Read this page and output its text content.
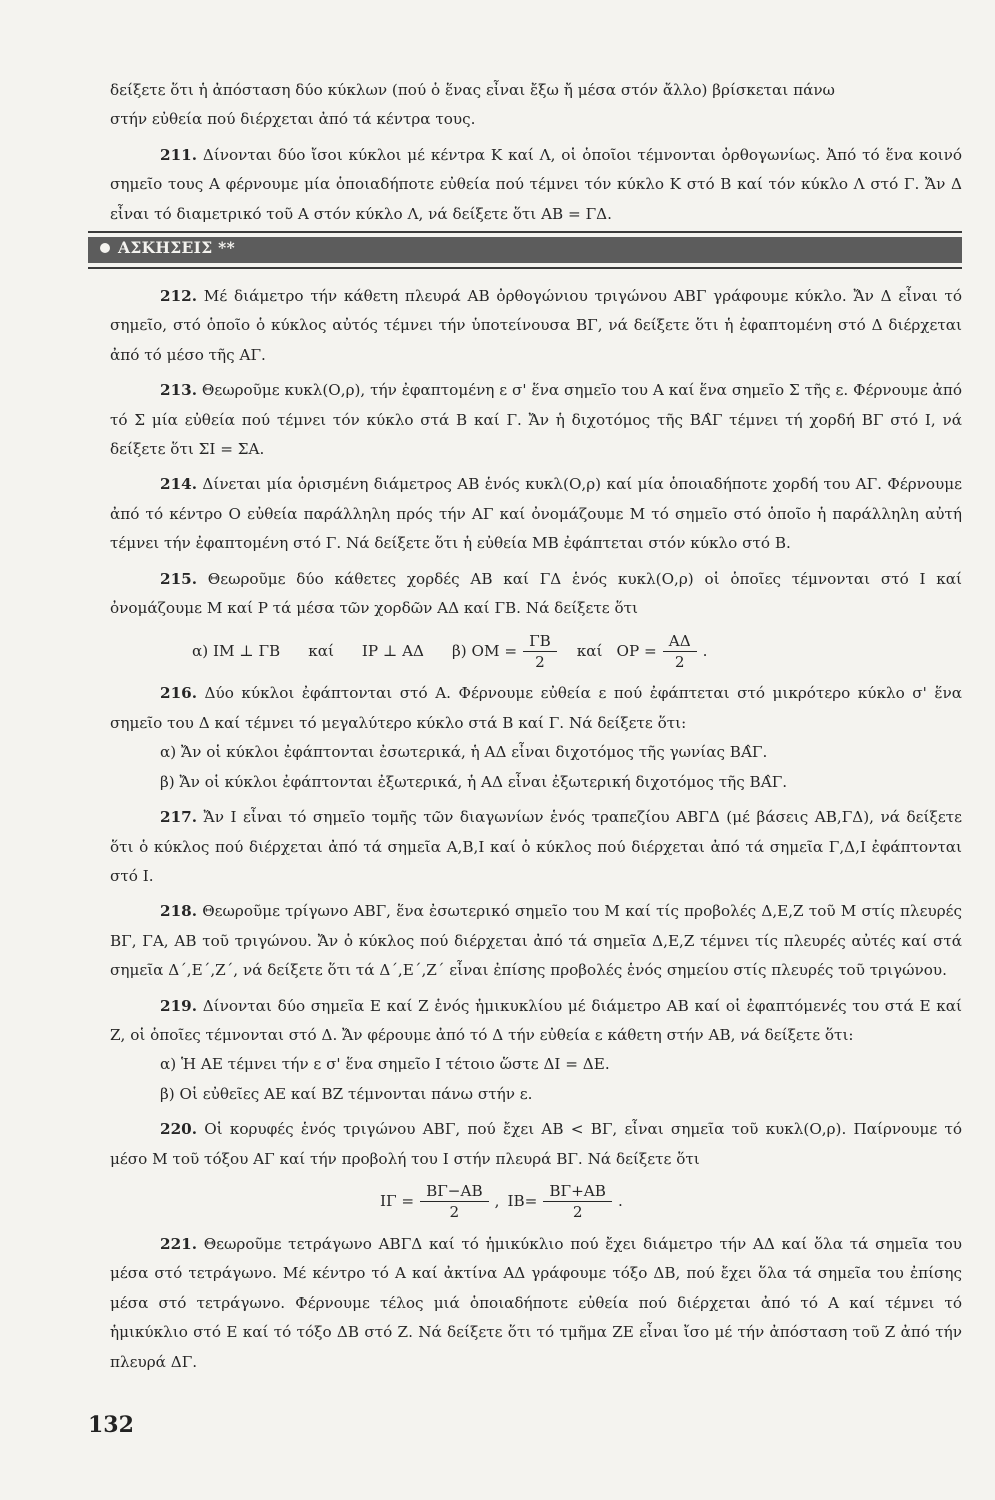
δείξετε ὅτι ἡ ἀπόσταση δύο κύκλων (πού ὁ ἕνας εἶναι ἔξω ἤ μέσα στόν ἄλλο) βρίσκεται πάνω

στήν εὐθεία πού διέρχεται ἀπό τά κέντρα τους.

211. Δίνονται δύο ἴσοι κύκλοι μέ κέντρα Κ καί Λ, οἱ ὁποῖοι τέμνονται ὀρθογωνίως. Ἀπό τό ἕνα κοινό σημεῖο τους Α φέρνουμε μία ὁποιαδήποτε εὐθεία πού τέμνει τόν κύκλο Κ στό Β καί τόν κύκλο Λ στό Γ. Ἄν Δ εἶναι τό διαμετρικό τοῦ Α στόν κύκλο Λ, νά δείξετε ὅτι ΑΒ = ΓΔ.

ΑΣΚΗΣΕΙΣ **

212. Μέ διάμετρο τήν κάθετη πλευρά ΑΒ ὀρθογώνιου τριγώνου ΑΒΓ γράφουμε κύκλο. Ἄν Δ εἶναι τό σημεῖο, στό ὁποῖο ὁ κύκλος αὐτός τέμνει τήν ὑποτείνουσα ΒΓ, νά δείξετε ὅτι ἡ ἐφαπτομένη στό Δ διέρχεται ἀπό τό μέσο τῆς ΑΓ.

213. Θεωροῦμε κυκλ(Ο,ρ), τήν ἐφαπτομένη ε σ' ἕνα σημεῖο του Α καί ἕνα σημεῖο Σ τῆς ε. Φέρνουμε ἀπό τό Σ μία εὐθεία πού τέμνει τόν κύκλο στά Β καί Γ. Ἄν ἡ διχοτόμος τῆς ΒΑ̂Γ τέμνει τή χορδή ΒΓ στό Ι, νά δείξετε ὅτι ΣΙ = ΣΑ.

214. Δίνεται μία ὁρισμένη διάμετρος ΑΒ ἑνός κυκλ(Ο,ρ) καί μία ὁποιαδήποτε χορδή του ΑΓ. Φέρνουμε ἀπό τό κέντρο Ο εὐθεία παράλληλη πρός τήν ΑΓ καί ὀνομάζουμε Μ τό σημεῖο στό ὁποῖο ἡ παράλληλη αὐτή τέμνει τήν ἐφαπτομένη στό Γ. Νά δείξετε ὅτι ἡ εὐθεία ΜΒ ἐφάπτεται στόν κύκλο στό Β.

215. Θεωροῦμε δύο κάθετες χορδές ΑΒ καί ΓΔ ἑνός κυκλ(Ο,ρ) οἱ ὁποῖες τέμνονται στό Ι καί ὀνομάζουμε Μ καί Ρ τά μέσα τῶν χορδῶν ΑΔ καί ΓΒ. Νά δείξετε ὅτι

α) ΙΜ ⊥ ΓΒ καί ΙΡ ⊥ ΑΔ β) $OM = \frac{\Gamma B}{2}$ καί $OP = \frac{A\Delta}{2}$ .

216. Δύο κύκλοι ἐφάπτονται στό Α. Φέρνουμε εὐθεία ε πού ἐφάπτεται στό μικρότερο κύκλο σ' ἕνα σημεῖο του Δ καί τέμνει τό μεγαλύτερο κύκλο στά Β καί Γ. Νά δείξετε ὅτι:

α) Ἄν οἱ κύκλοι ἐφάπτονται ἐσωτερικά, ἡ ΑΔ εἶναι διχοτόμος τῆς γωνίας ΒΑ̂Γ.

β) Ἄν οἱ κύκλοι ἐφάπτονται ἐξωτερικά, ἡ ΑΔ εἶναι ἐξωτερική διχοτόμος τῆς ΒΑ̂Γ.

217. Ἄν Ι εἶναι τό σημεῖο τομῆς τῶν διαγωνίων ἑνός τραπεζίου ΑΒΓΔ (μέ βάσεις ΑΒ,ΓΔ), νά δείξετε ὅτι ὁ κύκλος πού διέρχεται ἀπό τά σημεῖα Α,Β,Ι καί ὁ κύκλος πού διέρχεται ἀπό τά σημεῖα Γ,Δ,Ι ἐφάπτονται στό Ι.

218. Θεωροῦμε τρίγωνο ΑΒΓ, ἕνα ἐσωτερικό σημεῖο του Μ καί τίς προβολές Δ,Ε,Ζ τοῦ Μ στίς πλευρές ΒΓ, ΓΑ, ΑΒ τοῦ τριγώνου. Ἄν ὁ κύκλος πού διέρχεται ἀπό τά σημεῖα Δ,Ε,Ζ τέμνει τίς πλευρές αὐτές καί στά σημεῖα Δ΄,Ε΄,Ζ΄, νά δείξετε ὅτι τά Δ΄,Ε΄,Ζ΄ εἶναι ἐπίσης προβολές ἑνός σημείου στίς πλευρές τοῦ τριγώνου.

219. Δίνονται δύο σημεῖα Ε καί Ζ ἑνός ἡμικυκλίου μέ διάμετρο ΑΒ καί οἱ ἐφαπτόμενές του στά Ε καί Ζ, οἱ ὁποῖες τέμνονται στό Δ. Ἄν φέρουμε ἀπό τό Δ τήν εὐθεία ε κάθετη στήν ΑΒ, νά δείξετε ὅτι:

α) Ἡ ΑΕ τέμνει τήν ε σ' ἕνα σημεῖο Ι τέτοιο ὥστε ΔΙ = ΔΕ.

β) Οἱ εὐθεῖες ΑΕ καί ΒΖ τέμνονται πάνω στήν ε.

220. Οἱ κορυφές ἑνός τριγώνου ΑΒΓ, πού ἔχει ΑΒ < ΒΓ, εἶναι σημεῖα τοῦ κυκλ(Ο,ρ). Παίρνουμε τό μέσο Μ τοῦ τόξου ΑΓ καί τήν προβολή του Ι στήν πλευρά ΒΓ. Νά δείξετε ὅτι

$I\Gamma = \frac{B\Gamma-AB}{2}$ , $IB= \frac{B\Gamma+AB}{2}$ .

221. Θεωροῦμε τετράγωνο ΑΒΓΔ καί τό ἡμικύκλιο πού ἔχει διάμετρο τήν ΑΔ καί ὅλα τά σημεῖα του μέσα στό τετράγωνο. Μέ κέντρο τό Α καί ἀκτίνα ΑΔ γράφουμε τόξο ΔΒ, πού ἔχει ὅλα τά σημεῖα του ἐπίσης μέσα στό τετράγωνο. Φέρνουμε τέλος μιά ὁποιαδήποτε εὐθεία πού διέρχεται ἀπό τό Α καί τέμνει τό ἡμικύκλιο στό Ε καί τό τόξο ΔΒ στό Ζ. Νά δείξετε ὅτι τό τμῆμα ΖΕ εἶναι ἴσο μέ τήν ἀπόσταση τοῦ Ζ ἀπό τήν πλευρά ΔΓ.

132
